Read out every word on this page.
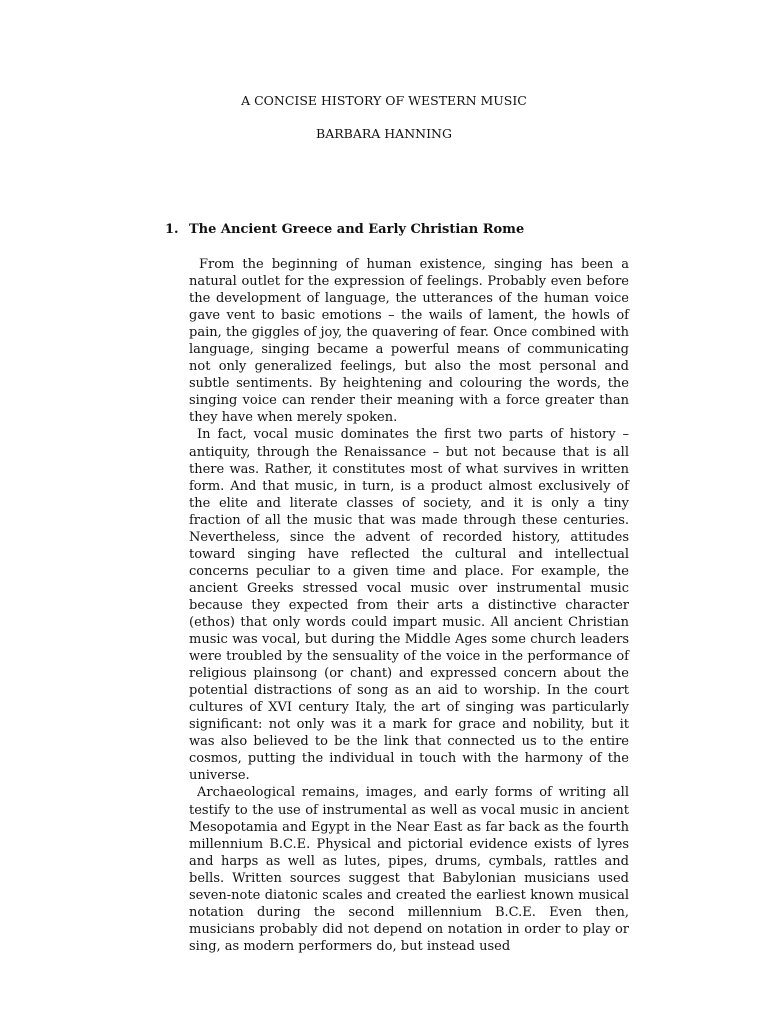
A CONCISE HISTORY OF WESTERN MUSIC
BARBARA HANNING
1. The Ancient Greece and Early Christian Rome

From the beginning of human existence, singing has been a natural outlet for the expression of feelings. Probably even before the development of language, the utterances of the human voice gave vent to basic emotions – the wails of lament, the howls of pain, the giggles of joy, the quavering of fear. Once combined with language, singing became a powerful means of communicating not only generalized feelings, but also the most personal and subtle sentiments. By heightening and colouring the words, the singing voice can render their meaning with a force greater than they have when merely spoken.

In fact, vocal music dominates the first two parts of history – antiquity, through the Renaissance – but not because that is all there was. Rather, it constitutes most of what survives in written form. And that music, in turn, is a product almost exclusively of the elite and literate classes of society, and it is only a tiny fraction of all the music that was made through these centuries. Nevertheless, since the advent of recorded history, attitudes toward singing have reflected the cultural and intellectual concerns peculiar to a given time and place. For example, the ancient Greeks stressed vocal music over instrumental music because they expected from their arts a distinctive character (ethos) that only words could impart music. All ancient Christian music was vocal, but during the Middle Ages some church leaders were troubled by the sensuality of the voice in the performance of religious plainsong (or chant) and expressed concern about the potential distractions of song as an aid to worship. In the court cultures of XVI century Italy, the art of singing was particularly significant: not only was it a mark for grace and nobility, but it was also believed to be the link that connected us to the entire cosmos, putting the individual in touch with the harmony of the universe.

Archaeological remains, images, and early forms of writing all testify to the use of instrumental as well as vocal music in ancient Mesopotamia and Egypt in the Near East as far back as the fourth millennium B.C.E. Physical and pictorial evidence exists of lyres and harps as well as lutes, pipes, drums, cymbals, rattles and bells. Written sources suggest that Babylonian musicians used seven-note diatonic scales and created the earliest known musical notation during the second millennium B.C.E. Even then, musicians probably did not depend on notation in order to play or sing, as modern performers do, but instead used
